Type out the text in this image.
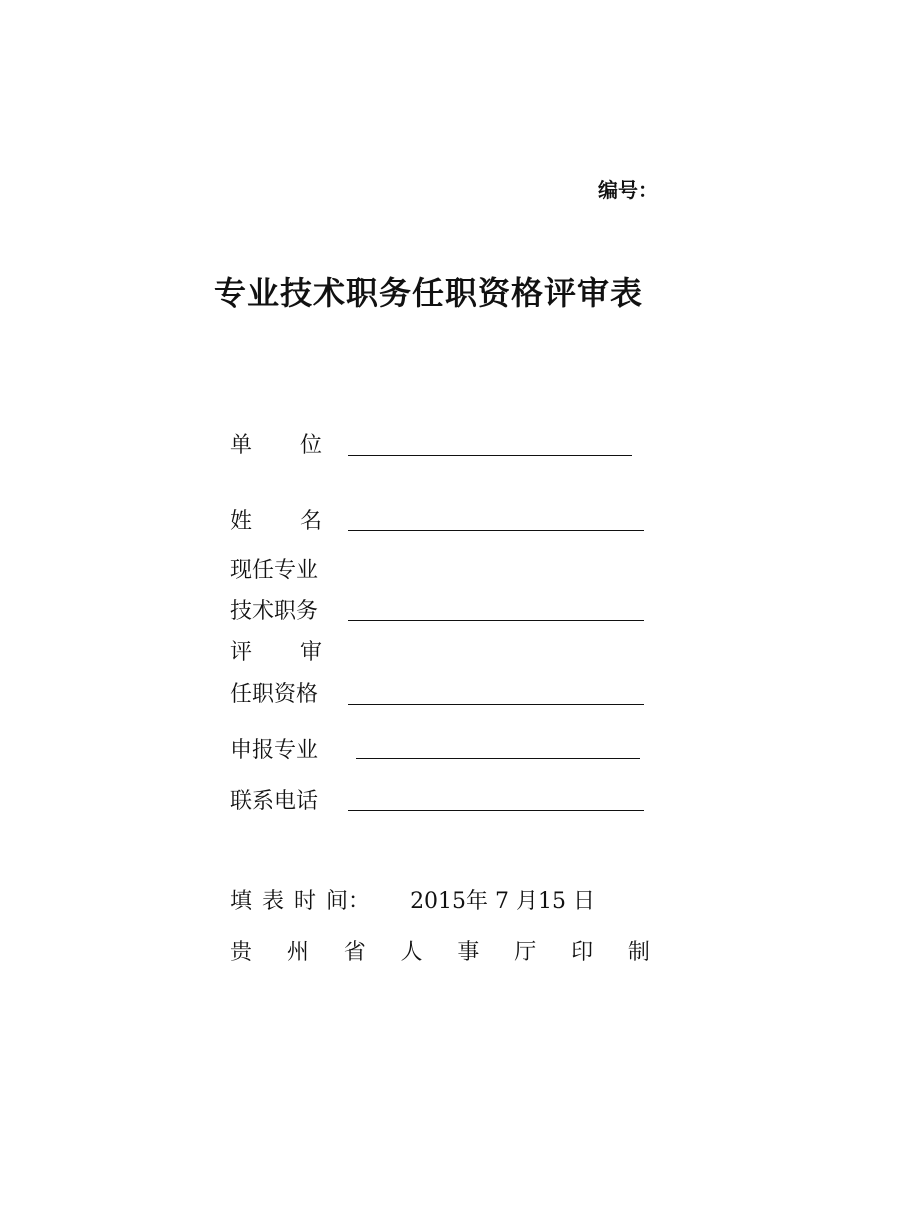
编号：
专业技术职务任职资格评审表
单 位
姓 名
现任专业
技术职务
评 审
任职资格
申报专业
联系电话
填 表 时 间： 2015年 7 月15 日
贵 州 省 人 事 厅 印 制
